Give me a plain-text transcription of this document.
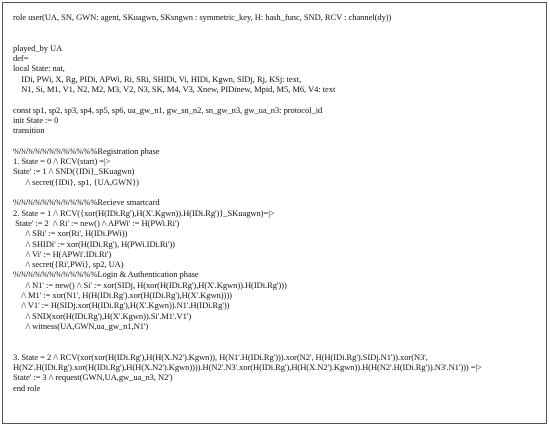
role user(UA, SN, GWN: agent, SKuagwn, SKsngwn : symmetric_key, H: hash_func, SND, RCV : channel(dy))

played_by UA
def=
local State: nat,
IDi, PWi, X, Rg, PIDi, APWi, Ri, SRi, SHIDi, Vi, HIDi, Kgwn, SIDj, Rj, KSj: text,
N1, Si, M1, V1, N2, M2, M3, V2, N3, SK, M4, V3, Xnew, PIDinew, Mpid, M5, M6, V4: text

const sp1, sp2, sp3, sp4, sp5, sp6, ua_gw_n1, gw_sn_n2, sn_gw_n3, gw_ua_n3: protocol_id
init State := 0
transition

%%%%%%%%%%%%Registration phase
1. State = 0 /\ RCV(start) =|>
State' := 1 /\ SND({IDi}_SKuagwn)
/\ secret({IDi}, sp1, {UA,GWN})

%%%%%%%%%%%%Recieve smartcard
2. State = 1 /\ RCV({xor(H(IDi.Rg'),H(X'.Kgwn)).H(IDi.Rg')}_SKuagwn)=|>
State' := 2  /\ Ri' := new() /\ APWi' := H(PWi.Ri')
/\ SRi' := xor(Ri', H(IDi.PWi))
/\ SHIDi' := xor(H(IDi.Rg'), H(PWi.IDi.Ri'))
/\ Vi' := H(APWi'.IDi.Ri')
/\ secret({Ri',PWi}, sp2, UA)
%%%%%%%%%%%%Login & Authentication phase
/\ N1' := new() /\ Si' := xor(SIDj, H(xor(H(IDi.Rg'),H(X'.Kgwn)).H(IDi.Rg')))
/\ M1' := xor(N1', H(H(IDi.Rg').xor(H(IDi.Rg'),H(X'.Kgwn))))
/\ V1' := H(SIDj.xor(H(IDi.Rg'),H(X'.Kgwn)).N1'.H(IDi.Rg'))
/\ SND(xor(H(IDi.Rg'),H(X'.Kgwn)).Si'.M1'.V1')
/\ witness(UA,GWN,ua_gw_n1,N1')

3. State = 2 /\ RCV(xor(xor(H(IDi.Rg'),H(H(X.N2').Kgwn)), H(N1'.H(IDi.Rg'))).xor(N2', H(H(IDi.Rg').SIDj.N1')).xor(N3',
H(N2'.H(IDi.Rg').xor(H(IDi.Rg'),H(H(X.N2').Kgwn)))).H(N2'.N3'.xor(H(IDi.Rg'),H(H(X.N2').Kgwn)).H(H(N2'.H(IDi.Rg')).N3'.N1'))) =|>
State' := 3 /\ request(GWN,UA,gw_ua_n3, N2')
end role
